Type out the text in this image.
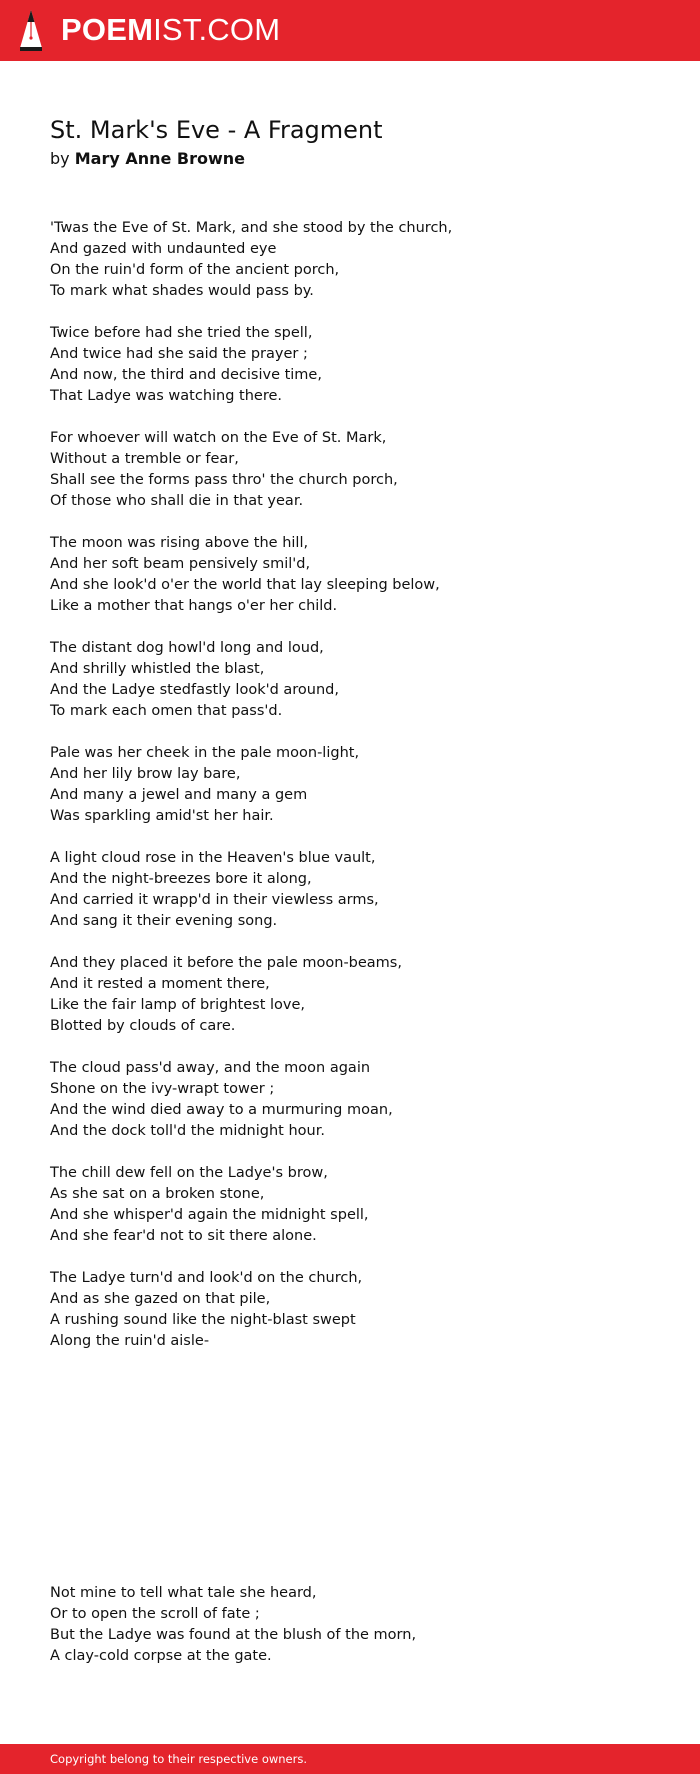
POEMIST.COM
St. Mark's Eve - A Fragment
by Mary Anne Browne
'Twas the Eve of St. Mark, and she stood by the church,
And gazed with undaunted eye
On the ruin'd form of the ancient porch,
To mark what shades would pass by.
Twice before had she tried the spell,
And twice had she said the prayer ;
And now, the third and decisive time,
That Ladye was watching there.
For whoever will watch on the Eve of St. Mark,
Without a tremble or fear,
Shall see the forms pass thro' the church porch,
Of those who shall die in that year.
The moon was rising above the hill,
And her soft beam pensively smil'd,
And she look'd o'er the world that lay sleeping below,
Like a mother that hangs o'er her child.
The distant dog howl'd long and loud,
And shrilly whistled the blast,
And the Ladye stedfastly look'd around,
To mark each omen that pass'd.
Pale was her cheek in the pale moon-light,
And her lily brow lay bare,
And many a jewel and many a gem
Was sparkling amid'st her hair.
A light cloud rose in the Heaven's blue vault,
And the night-breezes bore it along,
And carried it wrapp'd in their viewless arms,
And sang it their evening song.
And they placed it before the pale moon-beams,
And it rested a moment there,
Like the fair lamp of brightest love,
Blotted by clouds of care.
The cloud pass'd away, and the moon again
Shone on the ivy-wrapt tower ;
And the wind died away to a murmuring moan,
And the dock toll'd the midnight hour.
The chill dew fell on the Ladye's brow,
As she sat on a broken stone,
And she whisper'd again the midnight spell,
And she fear'd not to sit there alone.
The Ladye turn'd and look'd on the church,
And as she gazed on that pile,
A rushing sound like the night-blast swept
Along the ruin'd aisle-
Not mine to tell what tale she heard,
Or to open the scroll of fate ;
But the Ladye was found at the blush of the morn,
A clay-cold corpse at the gate.
Copyright belong to their respective owners.
